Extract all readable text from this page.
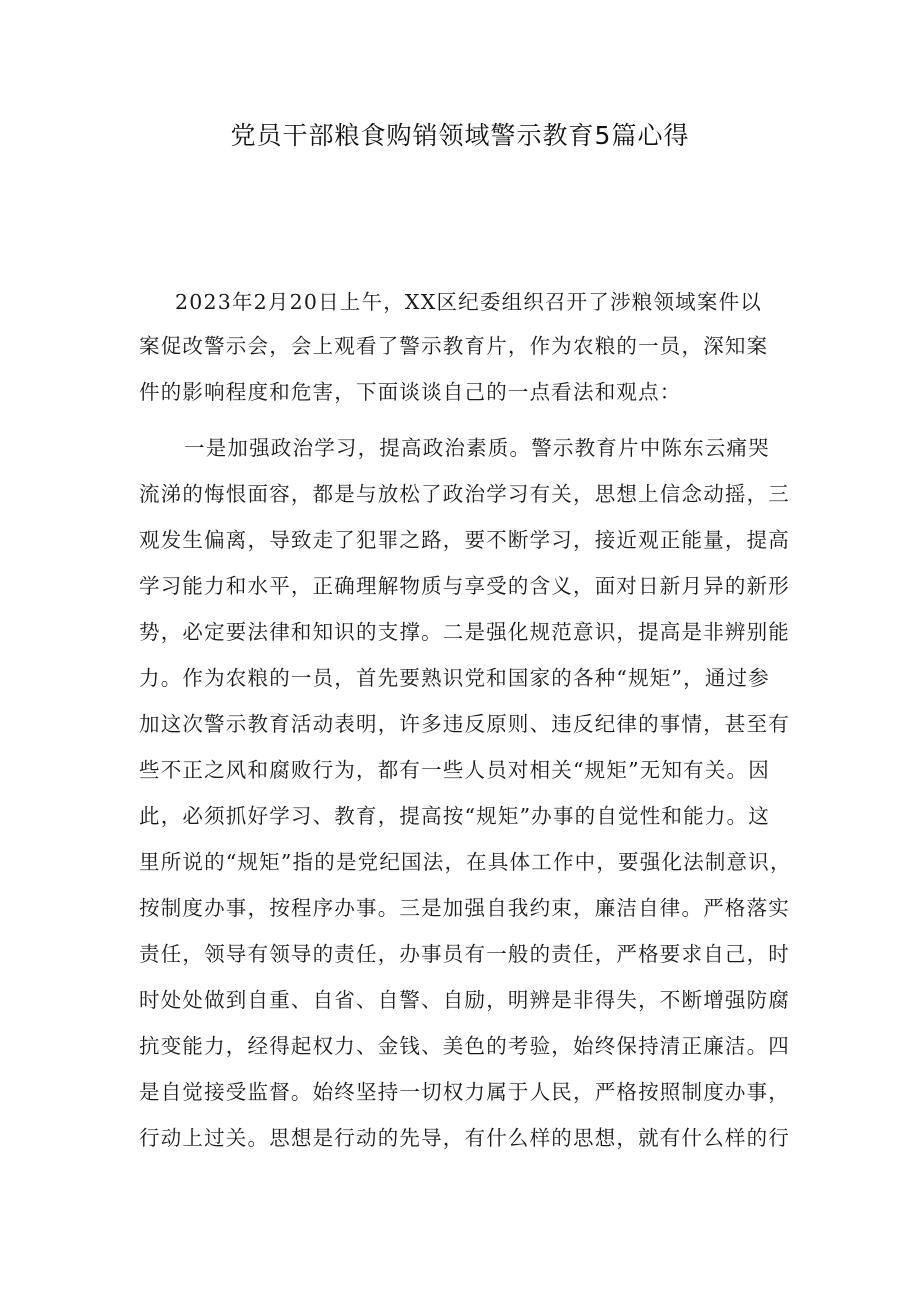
党员干部粮食购销领域警示教育5篇心得
2023年2月20日上午，XX区纪委组织召开了涉粮领域案件以
案促改警示会，会上观看了警示教育片，作为农粮的一员，深知案
件的影响程度和危害，下面谈谈自己的一点看法和观点：
一是加强政治学习，提高政治素质。警示教育片中陈东云痛哭
流涕的悔恨面容，都是与放松了政治学习有关，思想上信念动摇，三
观发生偏离，导致走了犯罪之路，要不断学习，接近观正能量，提高
学习能力和水平，正确理解物质与享受的含义，面对日新月异的新形
势，必定要法律和知识的支撑。二是强化规范意识，提高是非辨别能
力。作为农粮的一员，首先要熟识党和国家的各种“规矩”，通过参
加这次警示教育活动表明，许多违反原则、违反纪律的事情，甚至有
些不正之风和腐败行为，都有一些人员对相关“规矩”无知有关。因
此，必须抓好学习、教育，提高按“规矩”办事的自觉性和能力。这
里所说的“规矩”指的是党纪国法，在具体工作中，要强化法制意识，
按制度办事，按程序办事。三是加强自我约束，廉洁自律。严格落实
责任，领导有领导的责任，办事员有一般的责任，严格要求自己，时
时处处做到自重、自省、自警、自励，明辨是非得失，不断增强防腐
抗变能力，经得起权力、金钱、美色的考验，始终保持清正廉洁。四
是自觉接受监督。始终坚持一切权力属于人民，严格按照制度办事，
行动上过关。思想是行动的先导，有什么样的思想，就有什么样的行
